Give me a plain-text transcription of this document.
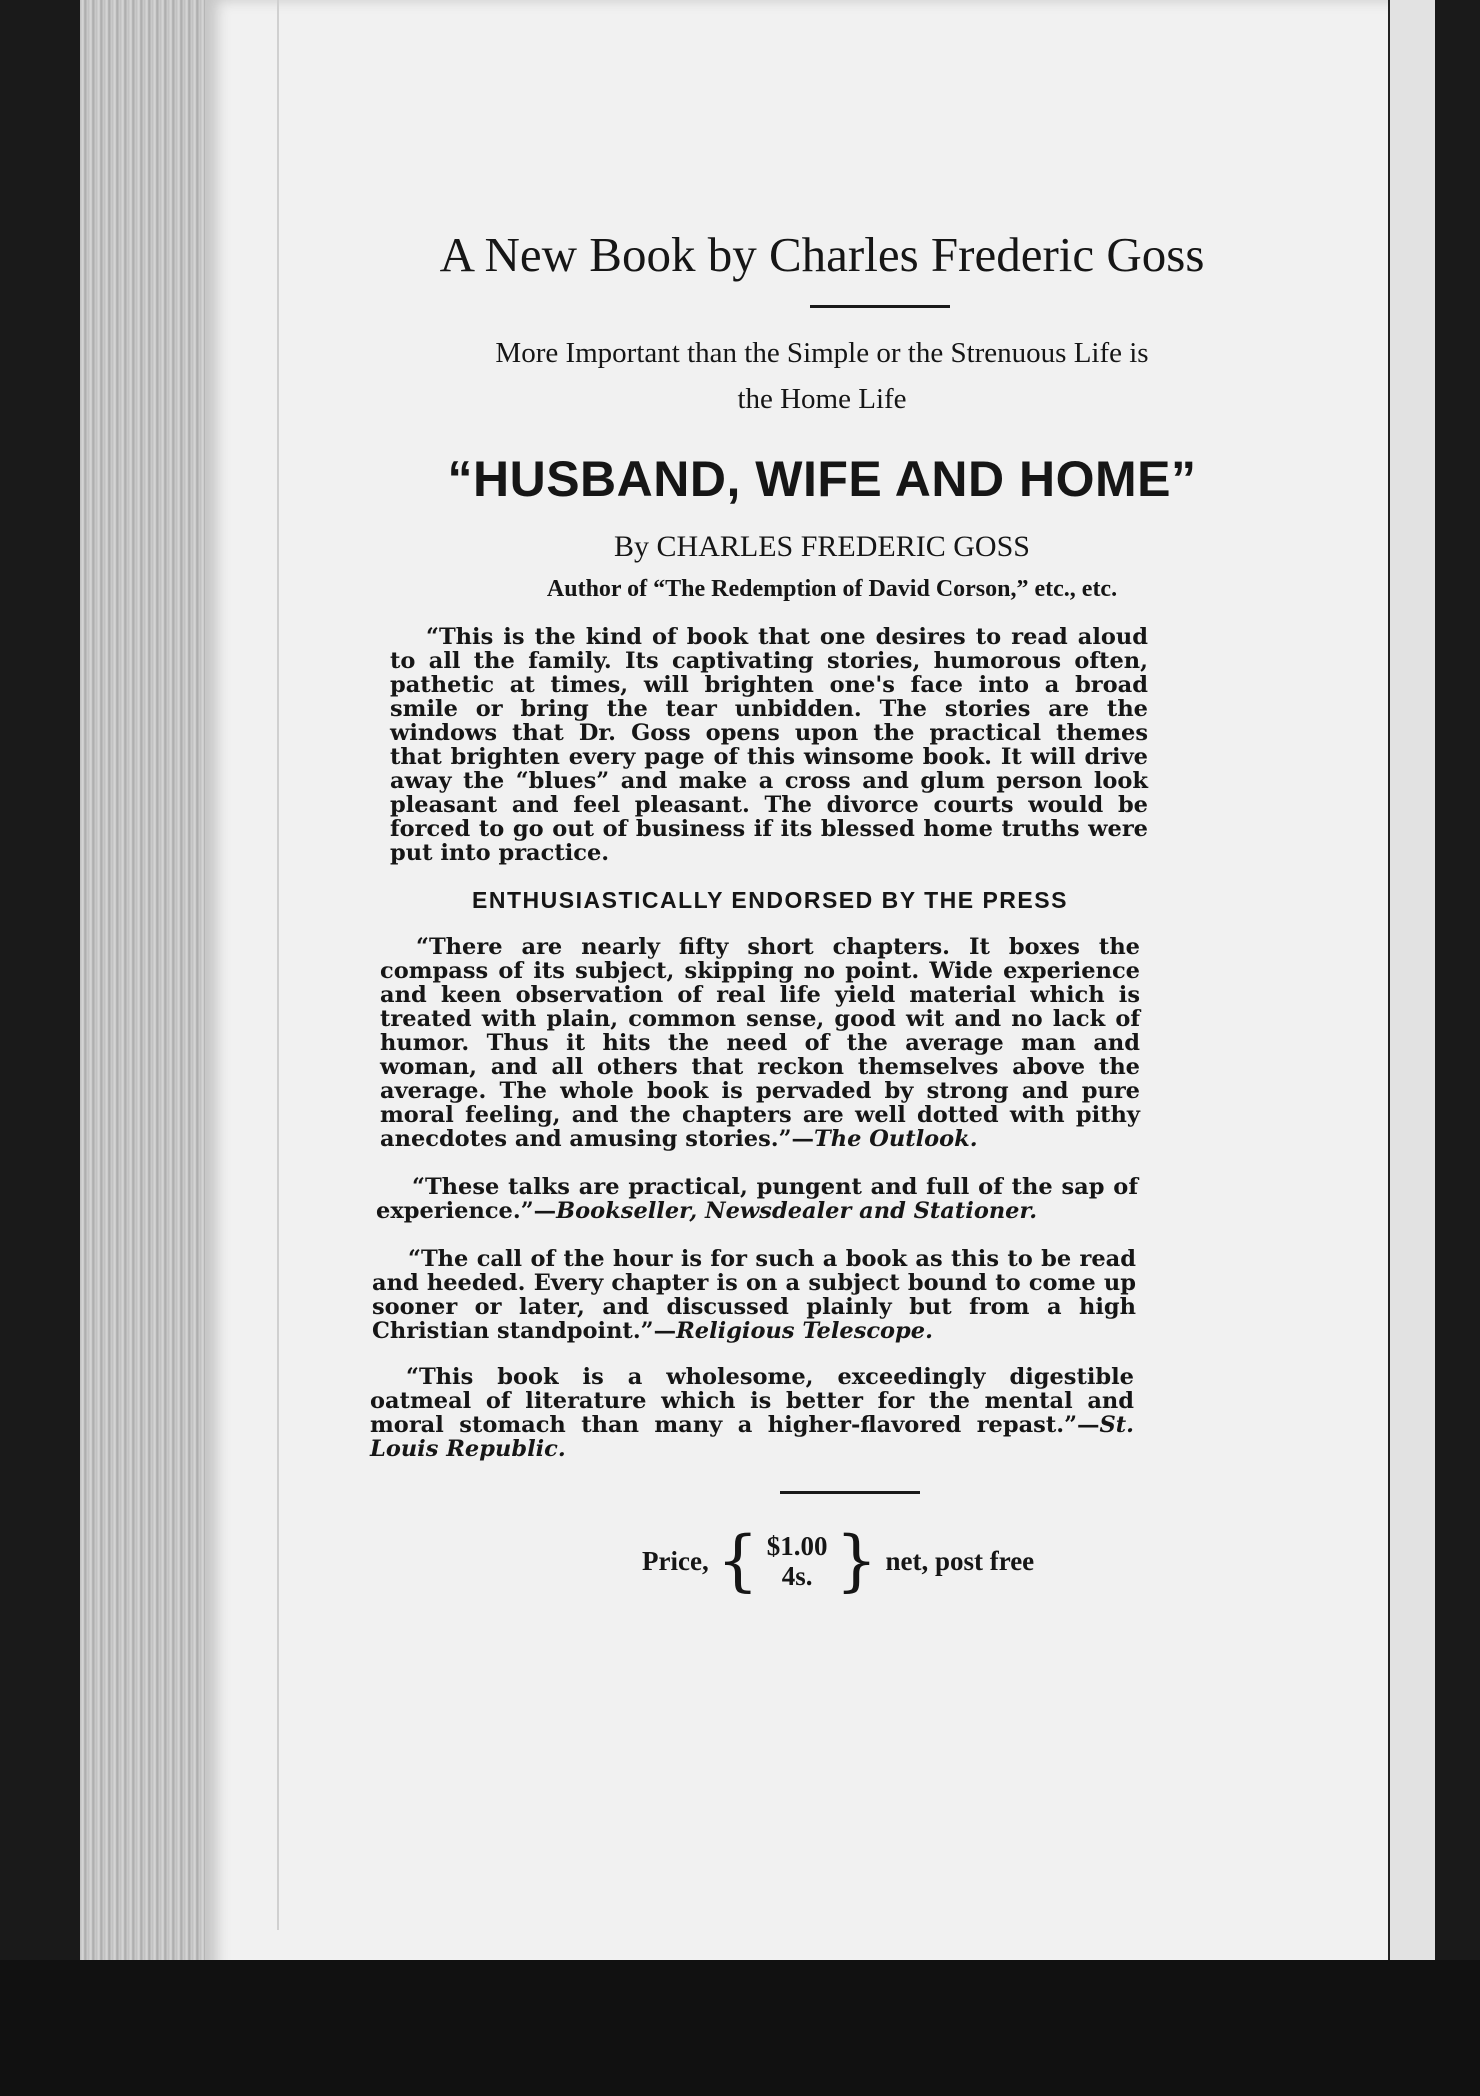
A New Book by Charles Frederic Goss
More Important than the Simple or the Strenuous Life is
the Home Life
“HUSBAND, WIFE AND HOME”
By CHARLES FREDERIC GOSS
Author of “The Redemption of David Corson,” etc., etc.

“This is the kind of book that one desires to read aloud to all the family. Its captivating stories, humorous often, pathetic at times, will brighten one's face into a broad smile or bring the tear unbidden. The stories are the windows that Dr. Goss opens upon the practical themes that brighten every page of this winsome book. It will drive away the “blues” and make a cross and glum person look pleasant and feel pleasant. The divorce courts would be forced to go out of business if its blessed home truths were put into practice.

ENTHUSIASTICALLY ENDORSED BY THE PRESS

“There are nearly fifty short chapters. It boxes the compass of its subject, skipping no point. Wide experience and keen observation of real life yield material which is treated with plain, common sense, good wit and no lack of humor. Thus it hits the need of the average man and woman, and all others that reckon themselves above the average. The whole book is pervaded by strong and pure moral feeling, and the chapters are well dotted with pithy anecdotes and amusing stories.”—The Outlook.

“These talks are practical, pungent and full of the sap of experience.”—Bookseller, Newsdealer and Stationer.

“The call of the hour is for such a book as this to be read and heeded. Every chapter is on a subject bound to come up sooner or later, and discussed plainly but from a high Christian standpoint.”—Religious Telescope.

“This book is a wholesome, exceedingly digestible oatmeal of literature which is better for the mental and moral stomach than many a higher-flavored repast.”—St. Louis Republic.

Price, { $1.00
4s. } net, post free
